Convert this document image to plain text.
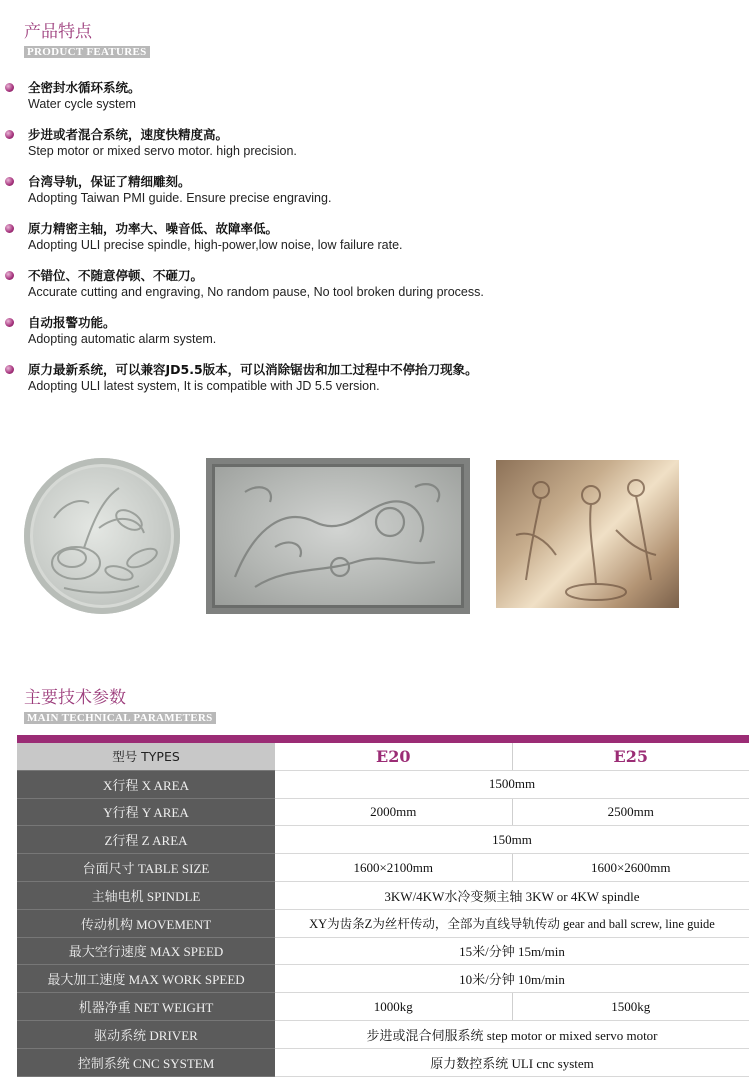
产品特点
PRODUCT FEATURES
全密封水循环系统。
Water cycle system
步进或者混合系统，速度快精度高。
Step motor or mixed servo motor. high precision.
台湾导轨，保证了精细雕刻。
Adopting Taiwan PMI guide. Ensure precise engraving.
原力精密主轴，功率大、噪音低、故障率低。
Adopting ULI precise spindle, high-power,low noise, low failure rate.
不错位、不随意停顿、不砸刀。
Accurate cutting and engraving, No random pause, No tool broken during process.
自动报警功能。
Adopting automatic alarm system.
原力最新系统，可以兼容JD5.5版本，可以消除锯齿和加工过程中不停抬刀现象。
Adopting ULI latest system, It is compatible with JD 5.5 version.
主要技术参数
MAIN TECHNICAL PARAMETERS
型号 TYPES	E20	E25
X行程 X AREA	1500mm	
Y行程 Y AREA	2000mm	2500mm
Z行程 Z AREA	150mm	
台面尺寸 TABLE SIZE	1600×2100mm	1600×2600mm
主轴电机 SPINDLE	3KW/4KW水冷变频主轴 3KW or 4KW spindle	
传动机构 MOVEMENT	XY为齿条Z为丝杆传动，全部为直线导轨传动 gear and ball screw, line guide	
最大空行速度 MAX SPEED	15米/分钟 15m/min	
最大加工速度 MAX WORK SPEED	10米/分钟 10m/min	
机器净重 NET WEIGHT	1000kg	1500kg
驱动系统 DRIVER	步进或混合伺服系统 step motor or mixed servo motor	
控制系统 CNC SYSTEM	原力数控系统 ULI cnc system	
